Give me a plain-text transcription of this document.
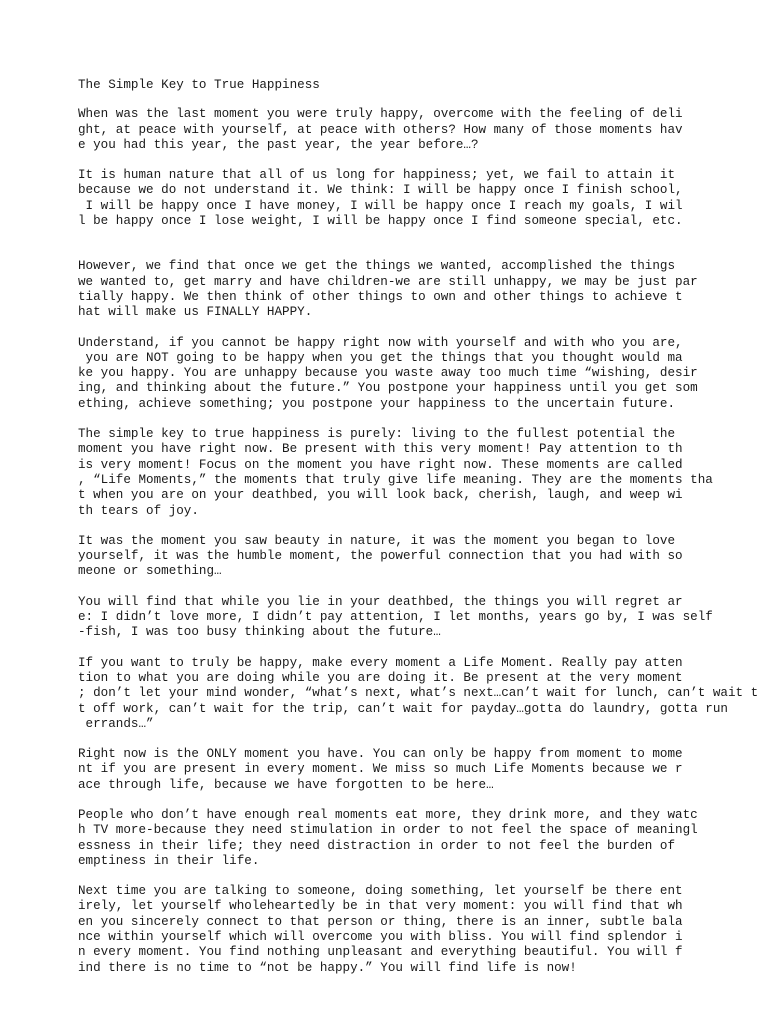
The Simple Key to True Happiness
When was the last moment you were truly happy, overcome with the feeling of deli
ght, at peace with yourself, at peace with others? How many of those moments hav
e you had this year, the past year, the year before…?
It is human nature that all of us long for happiness; yet, we fail to attain it
because we do not understand it. We think: I will be happy once I finish school,
I will be happy once I have money, I will be happy once I reach my goals, I wil
l be happy once I lose weight, I will be happy once I find someone special, etc.
However, we find that once we get the things we wanted, accomplished the things
we wanted to, get marry and have children-we are still unhappy, we may be just par
tially happy. We then think of other things to own and other things to achieve t
hat will make us FINALLY HAPPY.
Understand, if you cannot be happy right now with yourself and with who you are,
you are NOT going to be happy when you get the things that you thought would ma
ke you happy. You are unhappy because you waste away too much time “wishing, desir
ing, and thinking about the future.” You postpone your happiness until you get som
ething, achieve something; you postpone your happiness to the uncertain future.
The simple key to true happiness is purely: living to the fullest potential the
moment you have right now. Be present with this very moment! Pay attention to th
is very moment! Focus on the moment you have right now. These moments are called
, “Life Moments,” the moments that truly give life meaning. They are the moments tha
t when you are on your deathbed, you will look back, cherish, laugh, and weep wi
th tears of joy.
It was the moment you saw beauty in nature, it was the moment you began to love
yourself, it was the humble moment, the powerful connection that you had with so
meone or something…
You will find that while you lie in your deathbed, the things you will regret ar
e: I didn’t love more, I didn’t pay attention, I let months, years go by, I was self
-fish, I was too busy thinking about the future…
If you want to truly be happy, make every moment a Life Moment. Really pay atten
tion to what you are doing while you are doing it. Be present at the very moment
; don’t let your mind wonder, “what’s next, what’s next…can’t wait for lunch, can’t wait t
t off work, can’t wait for the trip, can’t wait for payday…gotta do laundry, gotta run
errands…”
Right now is the ONLY moment you have. You can only be happy from moment to mome
nt if you are present in every moment. We miss so much Life Moments because we r
ace through life, because we have forgotten to be here…
People who don’t have enough real moments eat more, they drink more, and they watc
h TV more-because they need stimulation in order to not feel the space of meaningl
essness in their life; they need distraction in order to not feel the burden of
emptiness in their life.
Next time you are talking to someone, doing something, let yourself be there ent
irely, let yourself wholeheartedly be in that very moment: you will find that wh
en you sincerely connect to that person or thing, there is an inner, subtle bala
nce within yourself which will overcome you with bliss. You will find splendor i
n every moment. You find nothing unpleasant and everything beautiful. You will f
ind there is no time to “not be happy.” You will find life is now!
